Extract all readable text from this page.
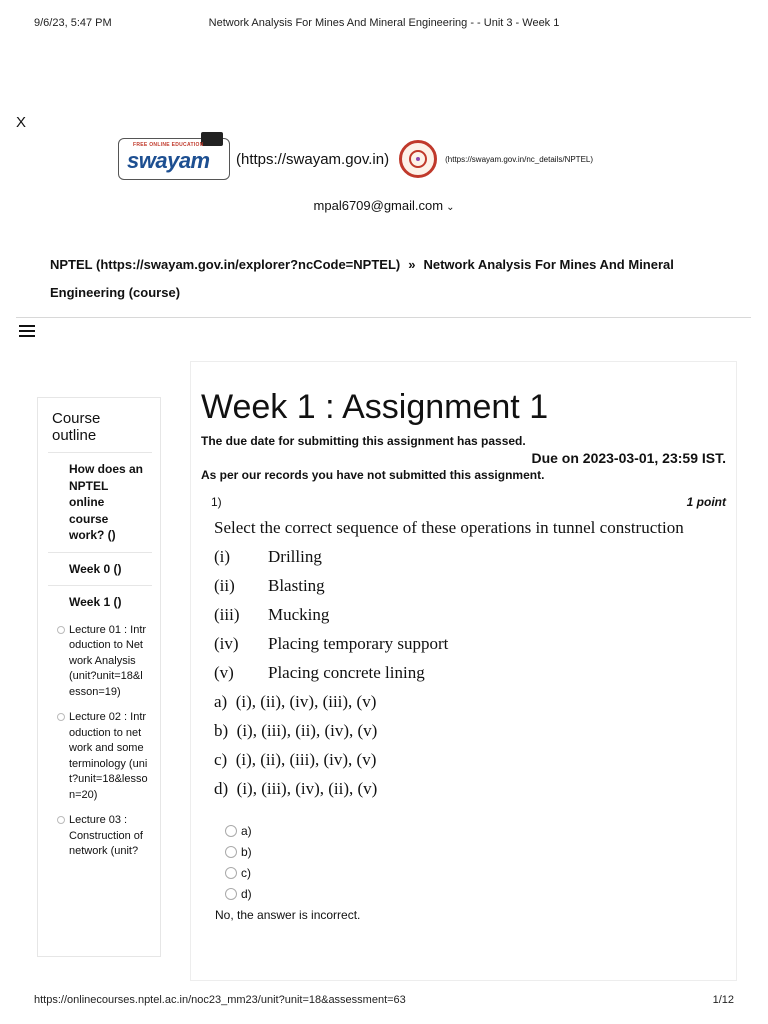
9/6/23, 5:47 PM	Network Analysis For Mines And Mineral Engineering - - Unit 3 - Week 1
X
FREE ONLINE EDUCATION
swayam (https://swayam.gov.in)	(https://swayam.gov.in/nc_details/NPTEL)
mpal6709@gmail.com ⌄
NPTEL (https://swayam.gov.in/explorer?ncCode=NPTEL) » Network Analysis For Mines And Mineral Engineering (course)
Course outline
How does an NPTEL online course work? ()
Week 0 ()
Week 1 ()
Lecture 01 : Introduction to Network Analysis (unit?unit=18&lesson=19)
Lecture 02 : Introduction to network and some terminology (unit?unit=18&lesson=20)
Lecture 03 : Construction of network (unit?
Week 1 : Assignment 1
The due date for submitting this assignment has passed.
Due on 2023-03-01, 23:59 IST.
As per our records you have not submitted this assignment.
1)	1 point
Select the correct sequence of these operations in tunnel construction
(i)	Drilling
(ii)	Blasting
(iii)	Mucking
(iv)	Placing temporary support
(v)	Placing concrete lining
a)  (i), (ii), (iv), (iii), (v)
b)  (i), (iii), (ii), (iv), (v)
c)  (i), (ii), (iii), (iv), (v)
d)  (i), (iii), (iv), (ii), (v)
a)
b)
c)
d)
No, the answer is incorrect.
https://onlinecourses.nptel.ac.in/noc23_mm23/unit?unit=18&assessment=63	1/12
